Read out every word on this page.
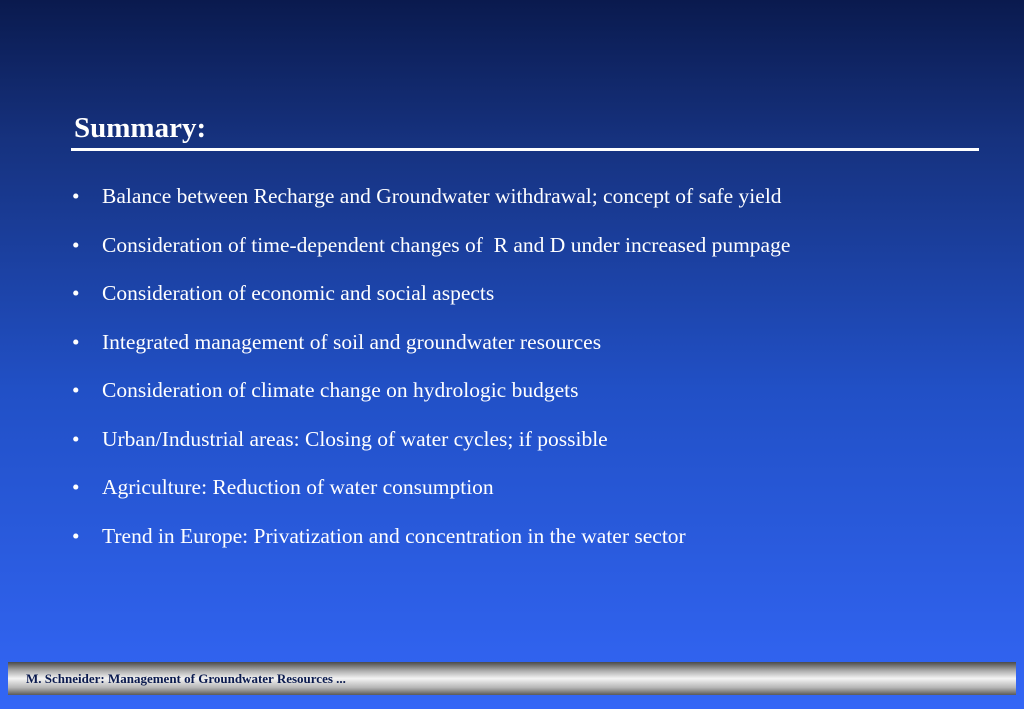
Summary:
•	Balance between Recharge and Groundwater withdrawal; concept of safe yield
•	Consideration of time-dependent changes of  R and D under increased pumpage
•	Consideration of economic and social aspects
•	Integrated management of soil and groundwater resources
•	Consideration of climate change on hydrologic budgets
•	Urban/Industrial areas: Closing of water cycles; if possible
•	Agriculture: Reduction of water consumption
•	Trend in Europe: Privatization and concentration in the water sector
M. Schneider: Management of Groundwater Resources ...
